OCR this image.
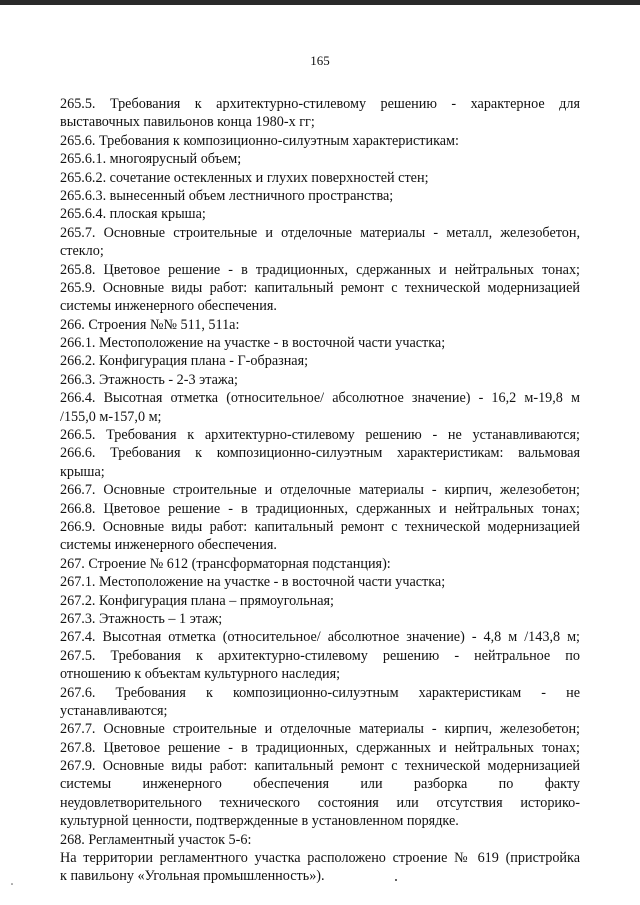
165
265.5. Требования к архитектурно-стилевому решению - характерное для
выставочных павильонов конца 1980-х гг;
265.6. Требования к композиционно-силуэтным характеристикам:
265.6.1. многоярусный объем;
265.6.2. сочетание остекленных и глухих поверхностей стен;
265.6.3. вынесенный объем лестничного пространства;
265.6.4. плоская крыша;
265.7. Основные строительные и отделочные материалы - металл, железобетон,
стекло;
265.8. Цветовое решение - в традиционных, сдержанных и нейтральных тонах;
265.9. Основные виды работ: капитальный ремонт с технической модернизацией
системы инженерного обеспечения.
266. Строения №№ 511, 511а:
266.1. Местоположение на участке - в восточной части участка;
266.2. Конфигурация плана - Г-образная;
266.3. Этажность - 2-3 этажа;
266.4. Высотная отметка (относительное/ абсолютное значение) - 16,2 м-19,8 м
/155,0 м-157,0 м;
266.5. Требования к архитектурно-стилевому решению - не устанавливаются;
266.6. Требования к композиционно-силуэтным характеристикам: вальмовая
крыша;
266.7. Основные строительные и отделочные материалы - кирпич, железобетон;
266.8. Цветовое решение - в традиционных, сдержанных и нейтральных тонах;
266.9. Основные виды работ: капитальный ремонт с технической модернизацией
системы инженерного обеспечения.
267. Строение № 612 (трансформаторная подстанция):
267.1. Местоположение на участке - в восточной части участка;
267.2. Конфигурация плана – прямоугольная;
267.3. Этажность – 1 этаж;
267.4. Высотная отметка (относительное/ абсолютное значение) - 4,8 м /143,8 м;
267.5. Требования к архитектурно-стилевому решению - нейтральное по
отношению к объектам культурного наследия;
267.6. Требования к композиционно-силуэтным характеристикам - не
устанавливаются;
267.7. Основные строительные и отделочные материалы - кирпич, железобетон;
267.8. Цветовое решение - в традиционных, сдержанных и нейтральных тонах;
267.9. Основные виды работ: капитальный ремонт с технической модернизацией
системы инженерного обеспечения или разборка по факту
неудовлетворительного технического состояния или отсутствия историко-
культурной ценности, подтвержденные в установленном порядке.
268. Регламентный участок 5-6:
На территории регламентного участка расположено строение № 619 (пристройка
к павильону «Угольная промышленность»).
